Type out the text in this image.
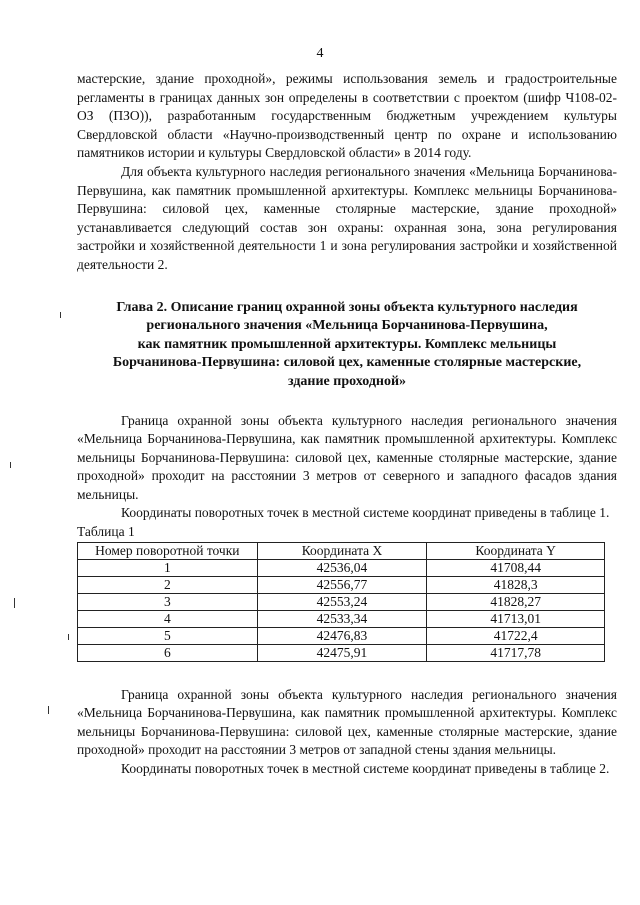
4

мастерские, здание проходной», режимы использования земель и градостроительные регламенты в границах данных зон определены в соответствии с проектом (шифр Ч108-02-ОЗ (ПЗО)), разработанным государственным бюджетным учреждением культуры Свердловской области «Научно-производственный центр по охране и использованию памятников истории и культуры Свердловской области» в 2014 году.

Для объекта культурного наследия регионального значения «Мельница Борчанинова-Первушина, как памятник промышленной архитектуры. Комплекс мельницы Борчанинова-Первушина: силовой цех, каменные столярные мастерские, здание проходной» устанавливается следующий состав зон охраны: охранная зона, зона регулирования застройки и хозяйственной деятельности 1 и зона регулирования застройки и хозяйственной деятельности 2.

Глава 2. Описание границ охранной зоны объекта культурного наследия
регионального значения «Мельница Борчанинова-Первушина,
как памятник промышленной архитектуры. Комплекс мельницы
Борчанинова-Первушина: силовой цех, каменные столярные мастерские,
здание проходной»

Граница охранной зоны объекта культурного наследия регионального значения «Мельница Борчанинова-Первушина, как памятник промышленной архитектуры. Комплекс мельницы Борчанинова-Первушина: силовой цех, каменные столярные мастерские, здание проходной» проходит на расстоянии 3 метров от северного и западного фасадов здания мельницы.

Координаты поворотных точек в местной системе координат приведены в таблице 1.

Таблица 1

Номер поворотной точки	Координата X	Координата Y
1	42536,04	41708,44
2	42556,77	41828,3
3	42553,24	41828,27
4	42533,34	41713,01
5	42476,83	41722,4
6	42475,91	41717,78

Граница охранной зоны объекта культурного наследия регионального значения «Мельница Борчанинова-Первушина, как памятник промышленной архитектуры. Комплекс мельницы Борчанинова-Первушина: силовой цех, каменные столярные мастерские, здание проходной» проходит на расстоянии 3 метров от западной стены здания мельницы.

Координаты поворотных точек в местной системе координат приведены в таблице 2.
